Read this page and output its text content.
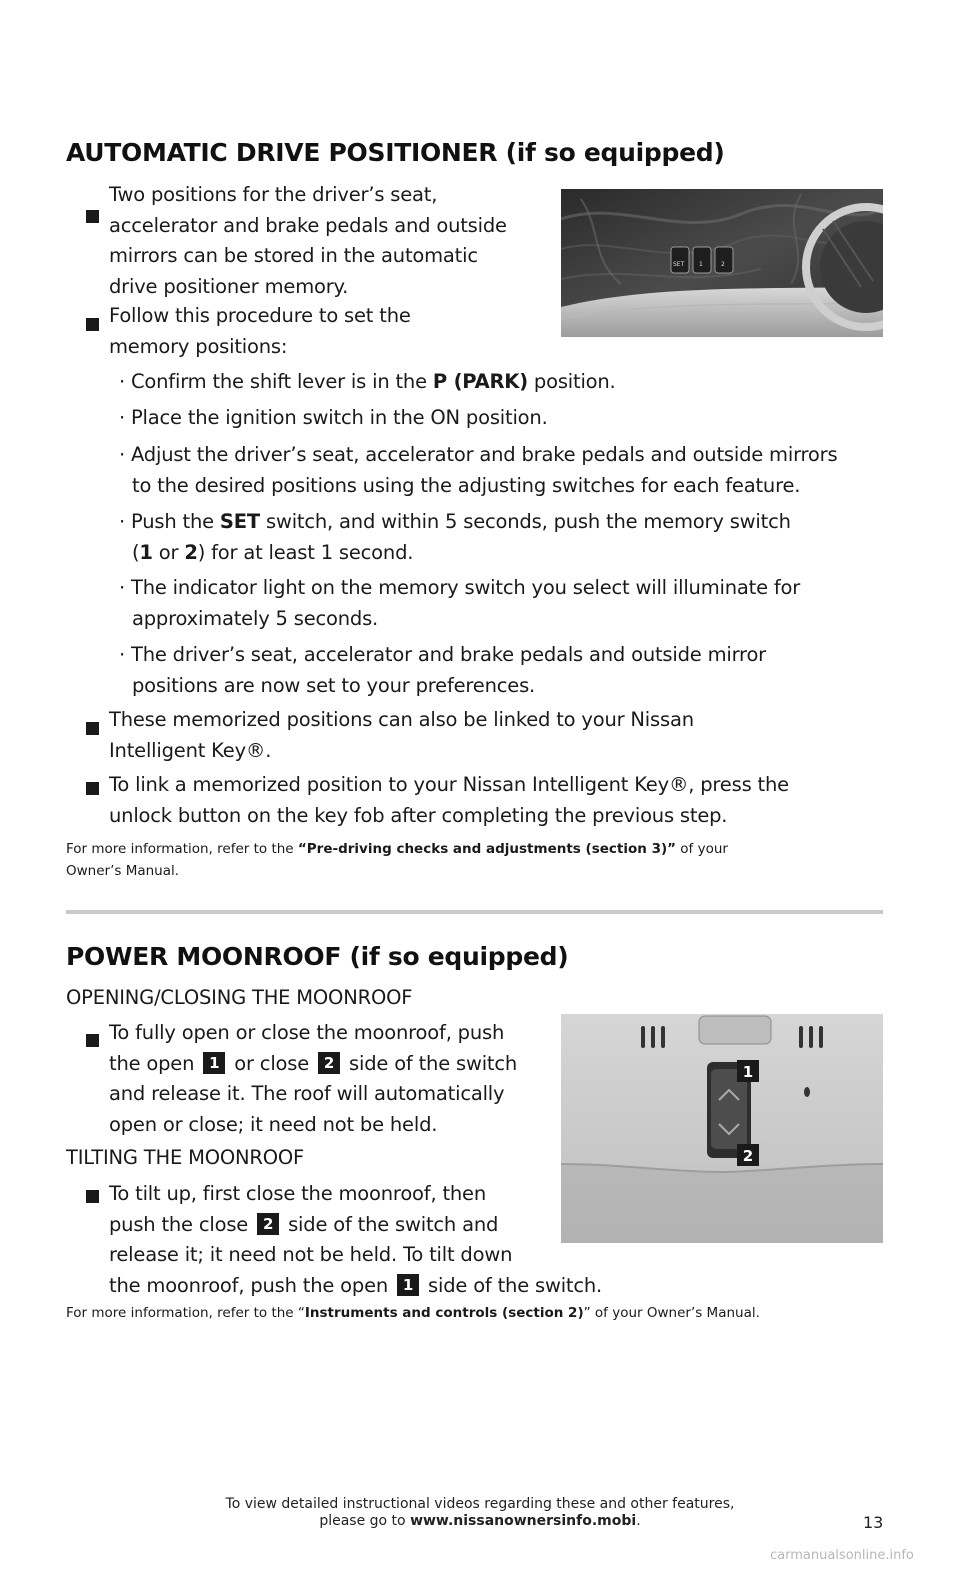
AUTOMATIC DRIVE POSITIONER (if so equipped)
Two positions for the driver’s seat,
accelerator and brake pedals and outside
mirrors can be stored in the automatic
drive positioner memory.
Follow this procedure to set the
memory positions:
SET 1	2
· Confirm the shift lever is in the P (PARK) position.
· Place the ignition switch in the ON position.
· Adjust the driver’s seat, accelerator and brake pedals and outside mirrors
to the desired positions using the adjusting switches for each feature.
· Push the SET switch, and within 5 seconds, push the memory switch
(1 or 2) for at least 1 second.
· The indicator light on the memory switch you select will illuminate for
approximately 5 seconds.
· The driver’s seat, accelerator and brake pedals and outside mirror
positions are now set to your preferences.
These memorized positions can also be linked to your Nissan
Intelligent Key®.
To link a memorized position to your Nissan Intelligent Key®, press the
unlock button on the key fob after completing the previous step.
For more information, refer to the “Pre-driving checks and adjustments (section 3)” of your
Owner’s Manual.
POWER MOONROOF (if so equipped)
OPENING/CLOSING THE MOONROOF
To fully open or close the moonroof, push
the open 1 or close 2 side of the switch
and release it. The roof will automatically
open or close; it need not be held.
TILTING THE MOONROOF
To tilt up, first close the moonroof, then
push the close 2 side of the switch and
release it; it need not be held. To tilt down
the moonroof, push the open 1 side of the switch.
1
2
For more information, refer to the “Instruments and controls (section 2)” of your Owner’s Manual.
To view detailed instructional videos regarding these and other features,
please go to www.nissanownersinfo.mobi.	13
carmanualsonline.info
